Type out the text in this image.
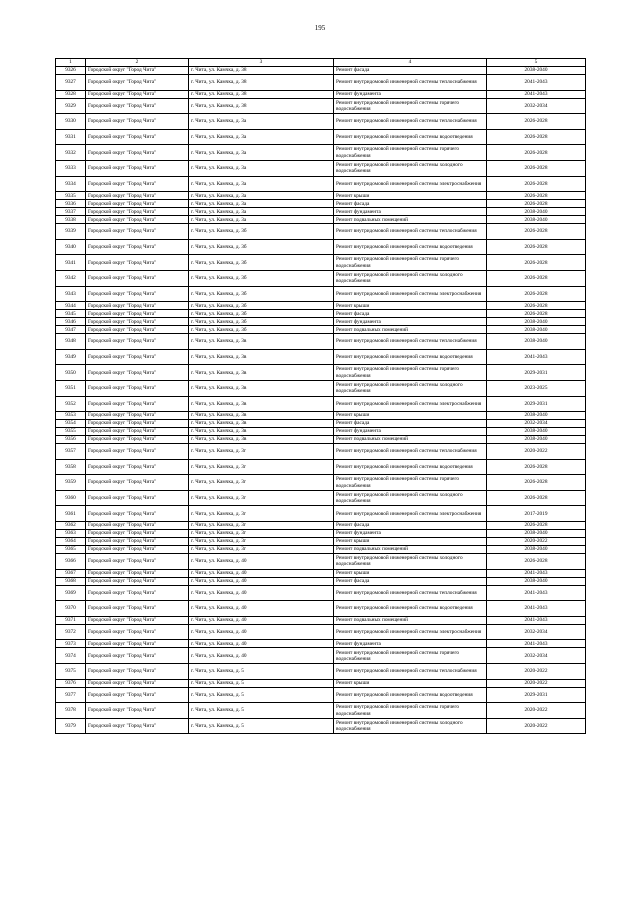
195
1	2	3	4	5
9326	Городской округ "Город Чита"	г. Чита, ул. Камчка, д. 38	Ремонт фасада	2038-2040
9327	Городской округ "Город Чита"	г. Чита, ул. Камчка, д. 38	Ремонт внутридомовой инженерной системы теплоснабжения	2041-2043
9328	Городской округ "Город Чита"	г. Чита, ул. Камчка, д. 38	Ремонт фундамента	2041-2043
9329	Городской округ "Город Чита"	г. Чита, ул. Камчка, д. 38	Ремонт внутридомовой инженерной системы горячего водоснабжения	2032-2034
9330	Городской округ "Город Чита"	г. Чита, ул. Камчка, д. 3а	Ремонт внутридомовой инженерной системы теплоснабжения	2026-2028
9331	Городской округ "Город Чита"	г. Чита, ул. Камчка, д. 3а	Ремонт внутридомовой инженерной системы водоотведения	2026-2028
9332	Городской округ "Город Чита"	г. Чита, ул. Камчка, д. 3а	Ремонт внутридомовой инженерной системы горячего водоснабжения	2026-2028
9333	Городской округ "Город Чита"	г. Чита, ул. Камчка, д. 3а	Ремонт внутридомовой инженерной системы холодного водоснабжения	2026-2028
9334	Городской округ "Город Чита"	г. Чита, ул. Камчка, д. 3а	Ремонт внутридомовой инженерной системы электроснабжения	2026-2028
9335	Городской округ "Город Чита"	г. Чита, ул. Камчка, д. 3а	Ремонт крыши	2026-2028
9336	Городской округ "Город Чита"	г. Чита, ул. Камчка, д. 3а	Ремонт фасада	2026-2028
9337	Городской округ "Город Чита"	г. Чита, ул. Камчка, д. 3а	Ремонт фундамента	2038-2040
9338	Городской округ "Город Чита"	г. Чита, ул. Камчка, д. 3а	Ремонт подвальных помещений	2038-2040
9339	Городской округ "Город Чита"	г. Чита, ул. Камчка, д. 3б	Ремонт внутридомовой инженерной системы теплоснабжения	2026-2028
9340	Городской округ "Город Чита"	г. Чита, ул. Камчка, д. 3б	Ремонт внутридомовой инженерной системы водоотведения	2026-2028
9341	Городской округ "Город Чита"	г. Чита, ул. Камчка, д. 3б	Ремонт внутридомовой инженерной системы горячего водоснабжения	2026-2028
9342	Городской округ "Город Чита"	г. Чита, ул. Камчка, д. 3б	Ремонт внутридомовой инженерной системы холодного водоснабжения	2026-2028
9343	Городской округ "Город Чита"	г. Чита, ул. Камчка, д. 3б	Ремонт внутридомовой инженерной системы электроснабжения	2026-2028
9344	Городской округ "Город Чита"	г. Чита, ул. Камчка, д. 3б	Ремонт крыши	2026-2028
9345	Городской округ "Город Чита"	г. Чита, ул. Камчка, д. 3б	Ремонт фасада	2026-2028
9346	Городской округ "Город Чита"	г. Чита, ул. Камчка, д. 3б	Ремонт фундамента	2038-2040
9347	Городской округ "Город Чита"	г. Чита, ул. Камчка, д. 3б	Ремонт подвальных помещений	2038-2040
9348	Городской округ "Город Чита"	г. Чита, ул. Камчка, д. 3в	Ремонт внутридомовой инженерной системы теплоснабжения	2038-2040
9349	Городской округ "Город Чита"	г. Чита, ул. Камчка, д. 3в	Ремонт внутридомовой инженерной системы водоотведения	2041-2043
9350	Городской округ "Город Чита"	г. Чита, ул. Камчка, д. 3в	Ремонт внутридомовой инженерной системы горячего водоснабжения	2029-2031
9351	Городской округ "Город Чита"	г. Чита, ул. Камчка, д. 3в	Ремонт внутридомовой инженерной системы холодного водоснабжения	2023-2025
9352	Городской округ "Город Чита"	г. Чита, ул. Камчка, д. 3в	Ремонт внутридомовой инженерной системы электроснабжения	2029-2031
9353	Городской округ "Город Чита"	г. Чита, ул. Камчка, д. 3в	Ремонт крыши	2038-2040
9354	Городской округ "Город Чита"	г. Чита, ул. Камчка, д. 3в	Ремонт фасада	2032-2034
9355	Городской округ "Город Чита"	г. Чита, ул. Камчка, д. 3в	Ремонт фундамента	2038-2040
9356	Городской округ "Город Чита"	г. Чита, ул. Камчка, д. 3в	Ремонт подвальных помещений	2038-2040
9357	Городской округ "Город Чита"	г. Чита, ул. Камчка, д. 3г	Ремонт внутридомовой инженерной системы теплоснабжения	2020-2022
9358	Городской округ "Город Чита"	г. Чита, ул. Камчка, д. 3г	Ремонт внутридомовой инженерной системы водоотведения	2026-2028
9359	Городской округ "Город Чита"	г. Чита, ул. Камчка, д. 3г	Ремонт внутридомовой инженерной системы горячего водоснабжения	2026-2028
9360	Городской округ "Город Чита"	г. Чита, ул. Камчка, д. 3г	Ремонт внутридомовой инженерной системы холодного водоснабжения	2026-2028
9361	Городской округ "Город Чита"	г. Чита, ул. Камчка, д. 3г	Ремонт внутридомовой инженерной системы электроснабжения	2017-2019
9362	Городской округ "Город Чита"	г. Чита, ул. Камчка, д. 3г	Ремонт фасада	2026-2028
9363	Городской округ "Город Чита"	г. Чита, ул. Камчка, д. 3г	Ремонт фундамента	2038-2040
9364	Городской округ "Город Чита"	г. Чита, ул. Камчка, д. 3г	Ремонт крыши	2020-2022
9365	Городской округ "Город Чита"	г. Чита, ул. Камчка, д. 3г	Ремонт подвальных помещений	2038-2040
9366	Городской округ "Город Чита"	г. Чита, ул. Камчка, д. 40	Ремонт внутридомовой инженерной системы холодного водоснабжения	2026-2028
9367	Городской округ "Город Чита"	г. Чита, ул. Камчка, д. 40	Ремонт крыши	2041-2043
9368	Городской округ "Город Чита"	г. Чита, ул. Камчка, д. 40	Ремонт фасада	2038-2040
9369	Городской округ "Город Чита"	г. Чита, ул. Камчка, д. 40	Ремонт внутридомовой инженерной системы теплоснабжения	2041-2043
9370	Городской округ "Город Чита"	г. Чита, ул. Камчка, д. 40	Ремонт внутридомовой инженерной системы водоотведения	2041-2043
9371	Городской округ "Город Чита"	г. Чита, ул. Камчка, д. 40	Ремонт подвальных помещений	2041-2043
9372	Городской округ "Город Чита"	г. Чита, ул. Камчка, д. 40	Ремонт внутридомовой инженерной системы электроснабжения	2032-2034
9373	Городской округ "Город Чита"	г. Чита, ул. Камчка, д. 40	Ремонт фундамента	2041-2043
9374	Городской округ "Город Чита"	г. Чита, ул. Камчка, д. 40	Ремонт внутридомовой инженерной системы горячего водоснабжения	2032-2034
9375	Городской округ "Город Чита"	г. Чита, ул. Камчка, д. 5	Ремонт внутридомовой инженерной системы теплоснабжения	2020-2022
9376	Городской округ "Город Чита"	г. Чита, ул. Камчка, д. 5	Ремонт крыши	2020-2022
9377	Городской округ "Город Чита"	г. Чита, ул. Камчка, д. 5	Ремонт внутридомовой инженерной системы водоотведения	2029-2031
9378	Городской округ "Город Чита"	г. Чита, ул. Камчка, д. 5	Ремонт внутридомовой инженерной системы горячего водоснабжения	2020-2022
9379	Городской округ "Город Чита"	г. Чита, ул. Камчка, д. 5	Ремонт внутридомовой инженерной системы холодного водоснабжения	2020-2022
